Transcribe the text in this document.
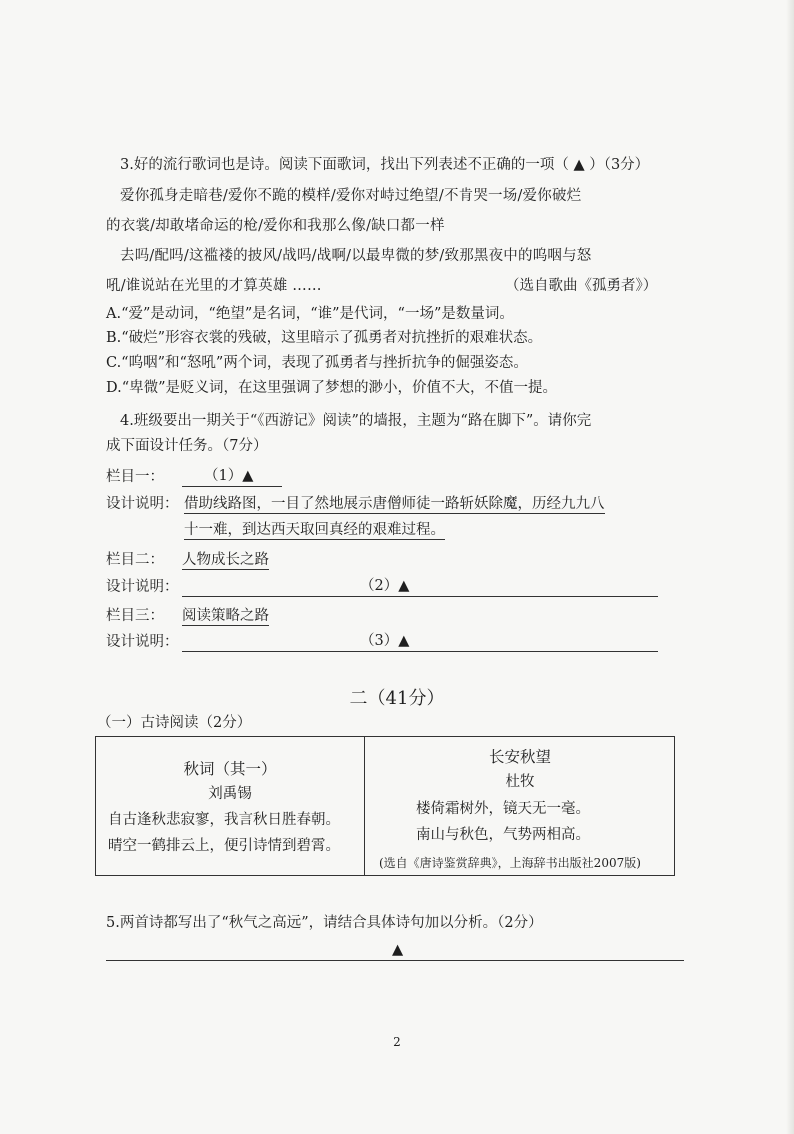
3.好的流行歌词也是诗。阅读下面歌词，找出下列表述不正确的一项（ ▲ ）（3分）
爱你孤身走暗巷/爱你不跪的模样/爱你对峙过绝望/不肯哭一场/爱你破烂
的衣裳/却敢堵命运的枪/爱你和我那么像/缺口都一样
去吗/配吗/这褴褛的披风/战吗/战啊/以最卑微的梦/致那黑夜中的呜咽与怒
吼/谁说站在光里的才算英雄 ……	（选自歌曲《孤勇者》）
A.“爱”是动词，“绝望”是名词，“谁”是代词，“一场”是数量词。
B.“破烂”形容衣裳的残破，这里暗示了孤勇者对抗挫折的艰难状态。
C.“呜咽”和“怒吼”两个词，表现了孤勇者与挫折抗争的倔强姿态。
D.“卑微”是贬义词，在这里强调了梦想的渺小，价值不大，不值一提。
4.班级要出一期关于“《西游记》阅读”的墙报，主题为“路在脚下”。请你完
成下面设计任务。（7分）
栏目一：	（1）▲
设计说明： 借助线路图，一目了然地展示唐僧师徒一路斩妖除魔，历经九九八
十一难，到达西天取回真经的艰难过程。
栏目二： 人物成长之路
设计说明：	（2）▲
栏目三： 阅读策略之路
设计说明：	（3）▲
二（41分）
（一）古诗阅读（2分）
秋词（其一）
刘禹锡
自古逢秋悲寂寥，我言秋日胜春朝。
晴空一鹤排云上，便引诗情到碧霄。
长安秋望
杜牧
楼倚霜树外，镜天无一毫。
南山与秋色，气势两相高。
(选自《唐诗鉴赏辞典》，上海辞书出版社2007版)
5.两首诗都写出了“秋气之高远”，请结合具体诗句加以分析。（2分）
▲
2
